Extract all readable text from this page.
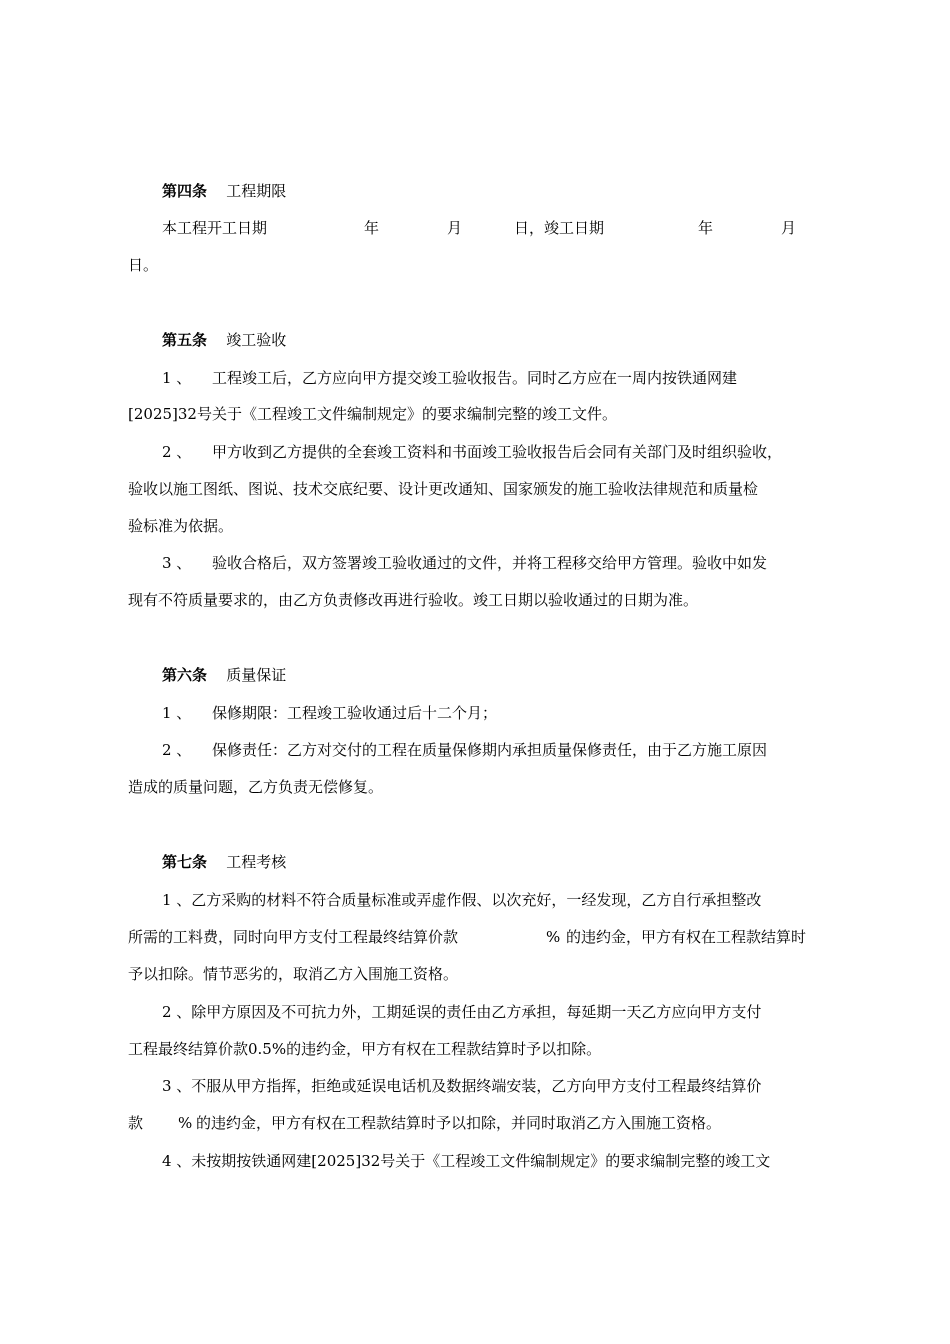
第四条 工程期限
本工程开工日期	年	月	日，竣工日期	年	月
日。
第五条 竣工验收
1 、 工程竣工后，乙方应向甲方提交竣工验收报告。同时乙方应在一周内按铁通网建
[2025]32号关于《工程竣工文件编制规定》的要求编制完整的竣工文件。
2 、 甲方收到乙方提供的全套竣工资料和书面竣工验收报告后会同有关部门及时组织验收，
验收以施工图纸、图说、技术交底纪要、设计更改通知、国家颁发的施工验收法律规范和质量检
验标准为依据。
3 、 验收合格后，双方签署竣工验收通过的文件，并将工程移交给甲方管理。验收中如发
现有不符质量要求的，由乙方负责修改再进行验收。竣工日期以验收通过的日期为准。
第六条 质量保证
1 、 保修期限：工程竣工验收通过后十二个月；
2 、 保修责任：乙方对交付的工程在质量保修期内承担质量保修责任，由于乙方施工原因
造成的质量问题，乙方负责无偿修复。
第七条 工程考核
1 、乙方采购的材料不符合质量标准或弄虚作假、以次充好，一经发现，乙方自行承担整改
所需的工料费，同时向甲方支付工程最终结算价款	% 的违约金，甲方有权在工程款结算时
予以扣除。情节恶劣的，取消乙方入围施工资格。
2 、除甲方原因及不可抗力外，工期延误的责任由乙方承担，每延期一天乙方应向甲方支付
工程最终结算价款0.5%的违约金，甲方有权在工程款结算时予以扣除。
3 、不服从甲方指挥，拒绝或延误电话机及数据终端安装，乙方向甲方支付工程最终结算价
款 % 的违约金，甲方有权在工程款结算时予以扣除，并同时取消乙方入围施工资格。
4 、未按期按铁通网建[2025]32号关于《工程竣工文件编制规定》的要求编制完整的竣工文
